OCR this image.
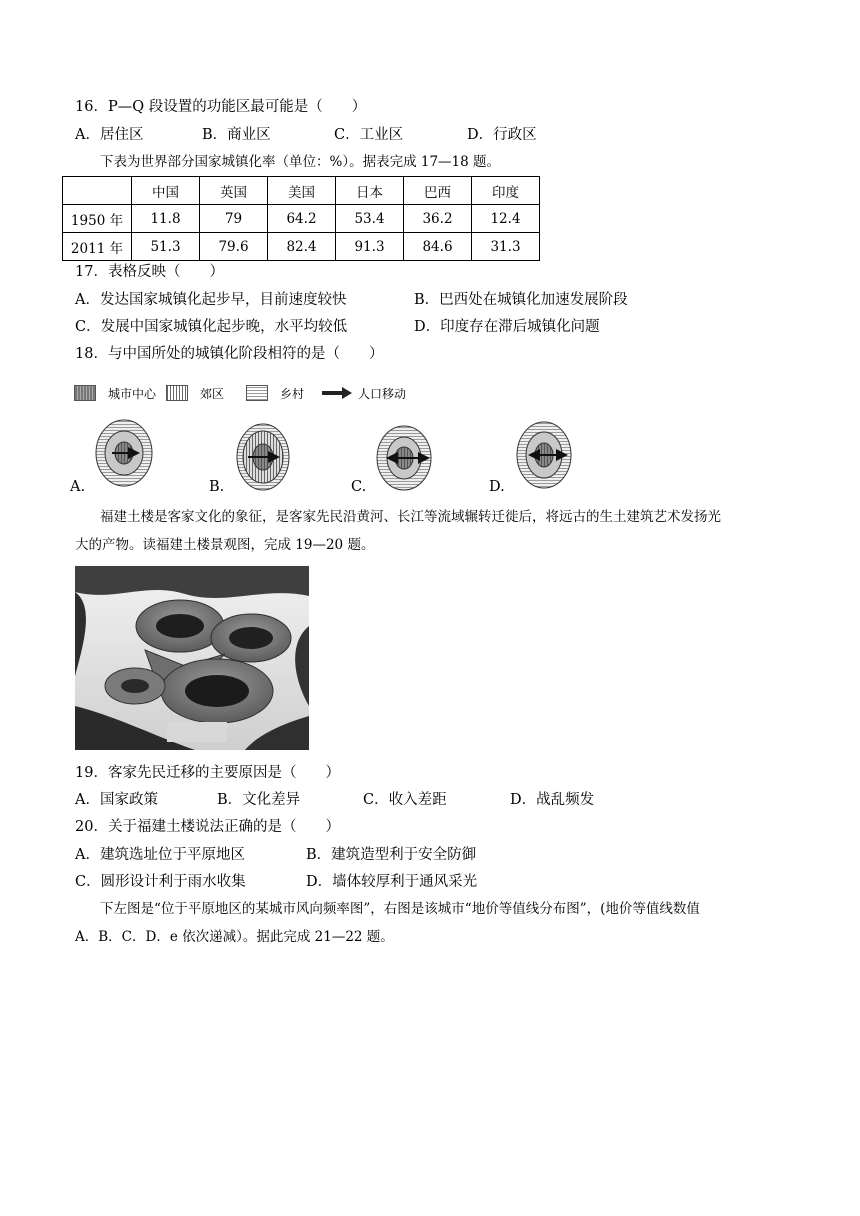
16．P—Q 段设置的功能区最可能是（　　）
A．居住区	B．商业区	C．工业区	D．行政区
下表为世界部分国家城镇化率（单位：%）。据表完成 17—18 题。
	中国	英国	美国	日本	巴西	印度
1950 年	11.8	79	64.2	53.4	36.2	12.4
2011 年	51.3	79.6	82.4	91.3	84.6	31.3
17．表格反映（　　）
A．发达国家城镇化起步早，目前速度较快	B．巴西处在城镇化加速发展阶段
C．发展中国家城镇化起步晚，水平均较低	D．印度存在滞后城镇化问题
18．与中国所处的城镇化阶段相符的是（　　）
城市中心	郊区	乡村	人口移动
A.	B.	C.	D.
福建土楼是客家文化的象征，是客家先民沿黄河、长江等流域辗转迁徙后，将远古的生土建筑艺术发扬光
大的产物。读福建土楼景观图，完成 19—20 题。
19．客家先民迁移的主要原因是（　　）
A．国家政策	B．文化差异	C．收入差距	D．战乱频发
20．关于福建土楼说法正确的是（　　）
A．建筑选址位于平原地区	B．建筑造型利于安全防御
C．圆形设计利于雨水收集	D．墙体较厚利于通风采光
下左图是“位于平原地区的某城市风向频率图”，右图是该城市“地价等值线分布图”，(地价等值线数值
A．B．C．D．e 依次递减）。据此完成 21—22 题。
